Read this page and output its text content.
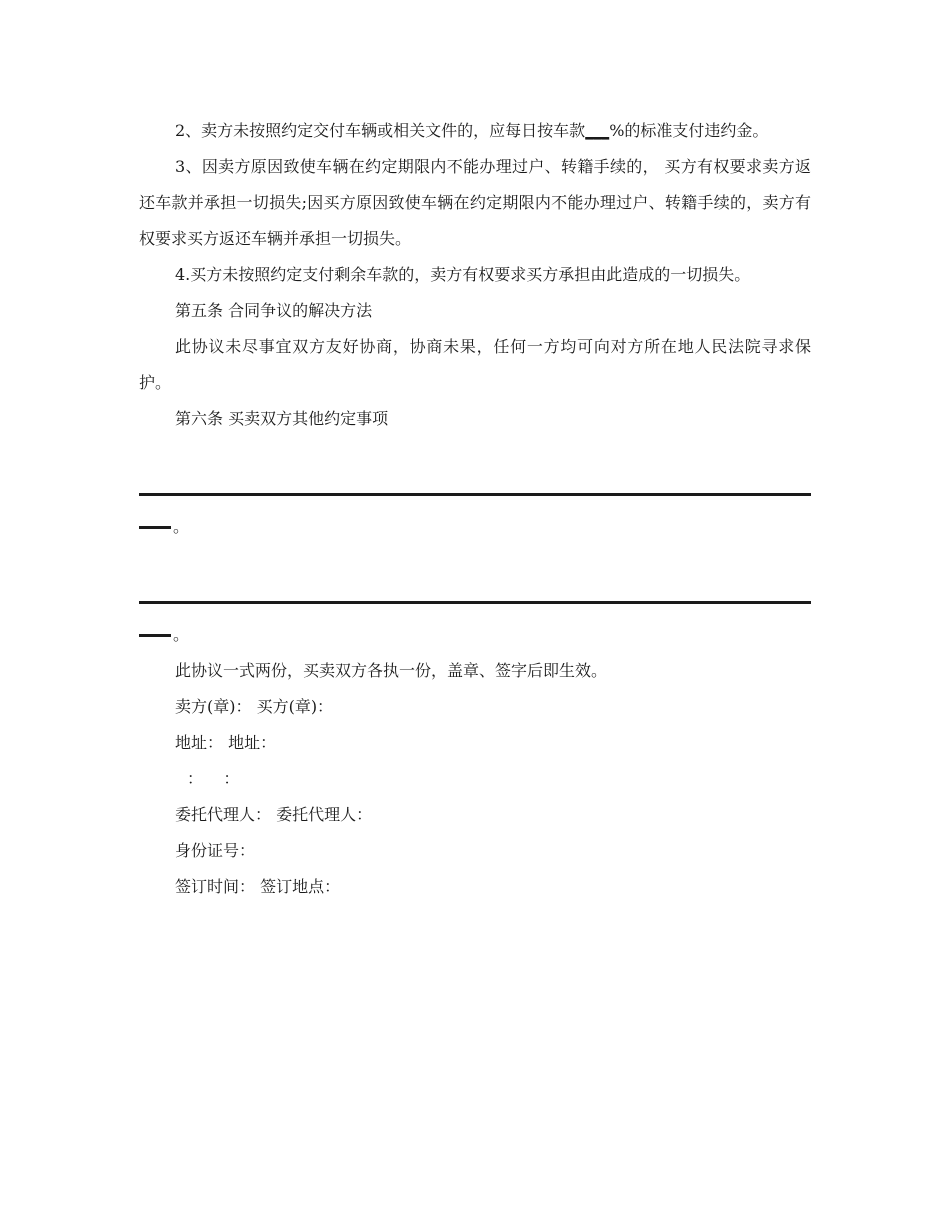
2、卖方未按照约定交付车辆或相关文件的，应每日按车款___%的标准支付违约金。

3、因卖方原因致使车辆在约定期限内不能办理过户、转籍手续的， 买方有权要求卖方返还车款并承担一切损失;因买方原因致使车辆在约定期限内不能办理过户、转籍手续的，卖方有权要求买方返还车辆并承担一切损失。

4.买方未按照约定支付剩余车款的，卖方有权要求买方承担由此造成的一切损失。

第五条 合同争议的解决方法

此协议未尽事宜双方友好协商，协商未果，任何一方均可向对方所在地人民法院寻求保护。

第六条 买卖双方其他约定事项

。
。

此协议一式两份，买卖双方各执一份，盖章、签字后即生效。

卖方(章)： 买方(章)：

地址： 地址：

：    ：

委托代理人： 委托代理人：

身份证号：

签订时间： 签订地点：
